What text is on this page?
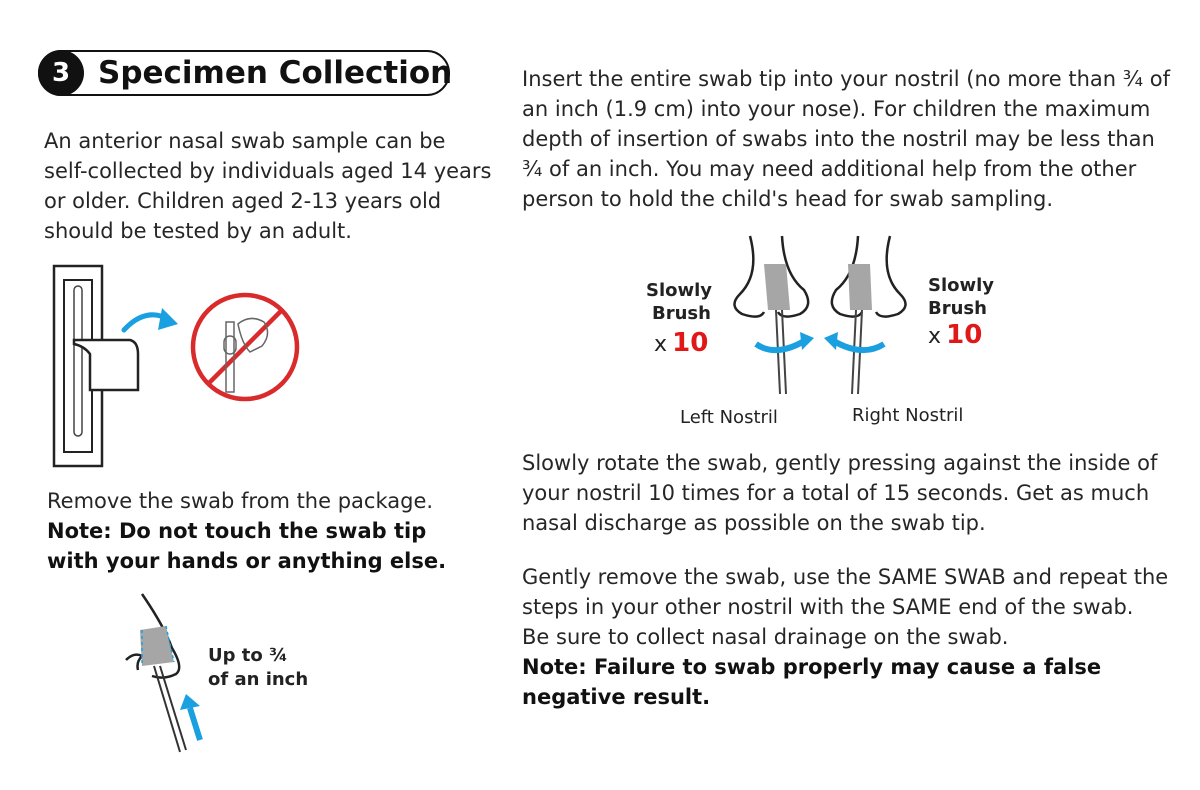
3 Specimen Collection
An anterior nasal swab sample can be self-collected by individuals aged 14 years or older. Children aged 2-13 years old should be tested by an adult.
Remove the swab from the package.
Note: Do not touch the swab tip with your hands or anything else.
Up to ¾
of an inch
Insert the entire swab tip into your nostril (no more than ¾ of an inch (1.9 cm) into your nose). For children the maximum depth of insertion of swabs into the nostril may be less than ¾ of an inch. You may need additional help from the other person to hold the child's head for swab sampling.
Slowly
Brush
x 10
Slowly
Brush
x 10
Left Nostril	Right Nostril
Slowly rotate the swab, gently pressing against the inside of your nostril 10 times for a total of 15 seconds. Get as much nasal discharge as possible on the swab tip.
Gently remove the swab, use the SAME SWAB and repeat the
steps in your other nostril with the SAME end of the swab.
Be sure to collect nasal drainage on the swab.
Note: Failure to swab properly may cause a false negative result.
